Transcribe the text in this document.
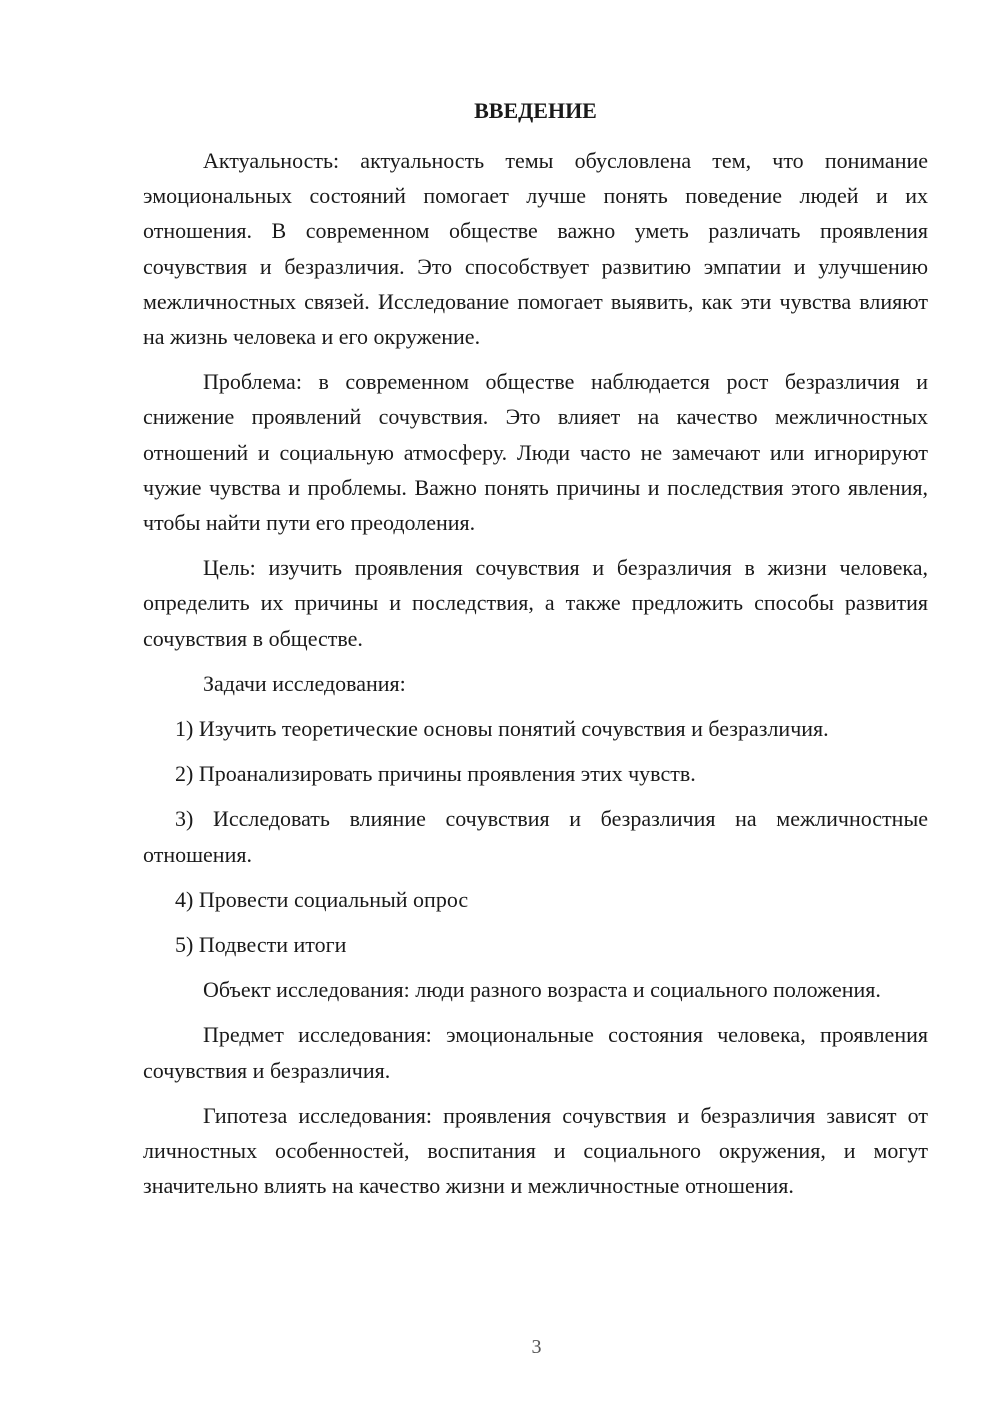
ВВЕДЕНИЕ

Актуальность: актуальность темы обусловлена тем, что понимание эмоциональных состояний помогает лучше понять поведение людей и их отношения. В современном обществе важно уметь различать проявления сочувствия и безразличия. Это способствует развитию эмпатии и улучшению межличностных связей. Исследование помогает выявить, как эти чувства влияют на жизнь человека и его окружение.

Проблема: в современном обществе наблюдается рост безразличия и снижение проявлений сочувствия. Это влияет на качество межличностных отношений и социальную атмосферу. Люди часто не замечают или игнорируют чужие чувства и проблемы. Важно понять причины и последствия этого явления, чтобы найти пути его преодоления.

Цель: изучить проявления сочувствия и безразличия в жизни человека, определить их причины и последствия, а также предложить способы развития сочувствия в обществе.

Задачи исследования:

1) Изучить теоретические основы понятий сочувствия и безразличия.

2) Проанализировать причины проявления этих чувств.

3) Исследовать влияние сочувствия и безразличия на межличностные отношения.

4) Провести социальный опрос

5) Подвести итоги

Объект исследования: люди разного возраста и социального положения.

Предмет исследования: эмоциональные состояния человека, проявления сочувствия и безразличия.

Гипотеза исследования: проявления сочувствия и безразличия зависят от личностных особенностей, воспитания и социального окружения, и могут значительно влиять на качество жизни и межличностные отношения.

3
